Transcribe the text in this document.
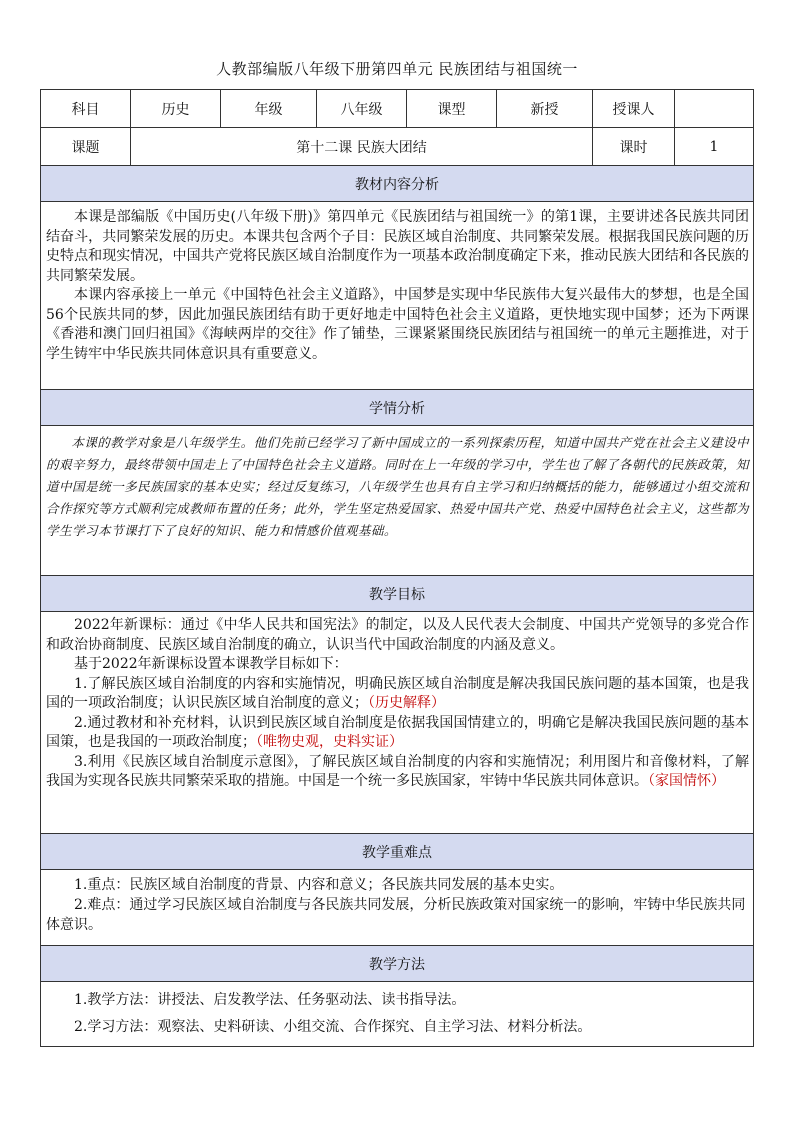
人教部编版八年级下册第四单元 民族团结与祖国统一
科目	历史	年级	八年级	课型	新授	授课人	
课题	第十二课 民族大团结					课时	1
教材内容分析							

本课是部编版《中国历史(八年级下册)》第四单元《民族团结与祖国统一》的第1课，主要讲述各民族共同团结奋斗，共同繁荣发展的历史。本课共包含两个子目：民族区域自治制度、共同繁荣发展。根据我国民族问题的历史特点和现实情况，中国共产党将民族区域自治制度作为一项基本政治制度确定下来，推动民族大团结和各民族的共同繁荣发展。

本课内容承接上一单元《中国特色社会主义道路》，中国梦是实现中华民族伟大复兴最伟大的梦想，也是全国56个民族共同的梦，因此加强民族团结有助于更好地走中国特色社会主义道路，更快地实现中国梦；还为下两课《香港和澳门回归祖国》《海峡两岸的交往》作了铺垫，三课紧紧围绕民族团结与祖国统一的单元主题推进，对于学生铸牢中华民族共同体意识具有重要意义。							

学情分析							

本课的教学对象是八年级学生。他们先前已经学习了新中国成立的一系列探索历程，知道中国共产党在社会主义建设中的艰辛努力，最终带领中国走上了中国特色社会主义道路。同时在上一年级的学习中，学生也了解了各朝代的民族政策，知道中国是统一多民族国家的基本史实；经过反复练习，八年级学生也具有自主学习和归纳概括的能力，能够通过小组交流和合作探究等方式顺利完成教师布置的任务；此外，学生坚定热爱国家、热爱中国共产党、热爱中国特色社会主义，这些都为学生学习本节课打下了良好的知识、能力和情感价值观基础。							

教学目标							

2022年新课标：通过《中华人民共和国宪法》的制定，以及人民代表大会制度、中国共产党领导的多党合作和政治协商制度、民族区域自治制度的确立，认识当代中国政治制度的内涵及意义。

基于2022年新课标设置本课教学目标如下：

1.了解民族区域自治制度的内容和实施情况，明确民族区域自治制度是解决我国民族问题的基本国策，也是我国的一项政治制度；认识民族区域自治制度的意义；（历史解释）

2.通过教材和补充材料，认识到民族区域自治制度是依据我国国情建立的，明确它是解决我国民族问题的基本国策，也是我国的一项政治制度；（唯物史观，史料实证）

3.利用《民族区域自治制度示意图》，了解民族区域自治制度的内容和实施情况；利用图片和音像材料，了解我国为实现各民族共同繁荣采取的措施。中国是一个统一多民族国家，牢铸中华民族共同体意识。（家国情怀）							

教学重难点							

1.重点：民族区域自治制度的背景、内容和意义；各民族共同发展的基本史实。

2.难点：通过学习民族区域自治制度与各民族共同发展，分析民族政策对国家统一的影响，牢铸中华民族共同体意识。							

教学方法							

1.教学方法：讲授法、启发教学法、任务驱动法、读书指导法。

2.学习方法：观察法、史料研读、小组交流、合作探究、自主学习法、材料分析法。							
